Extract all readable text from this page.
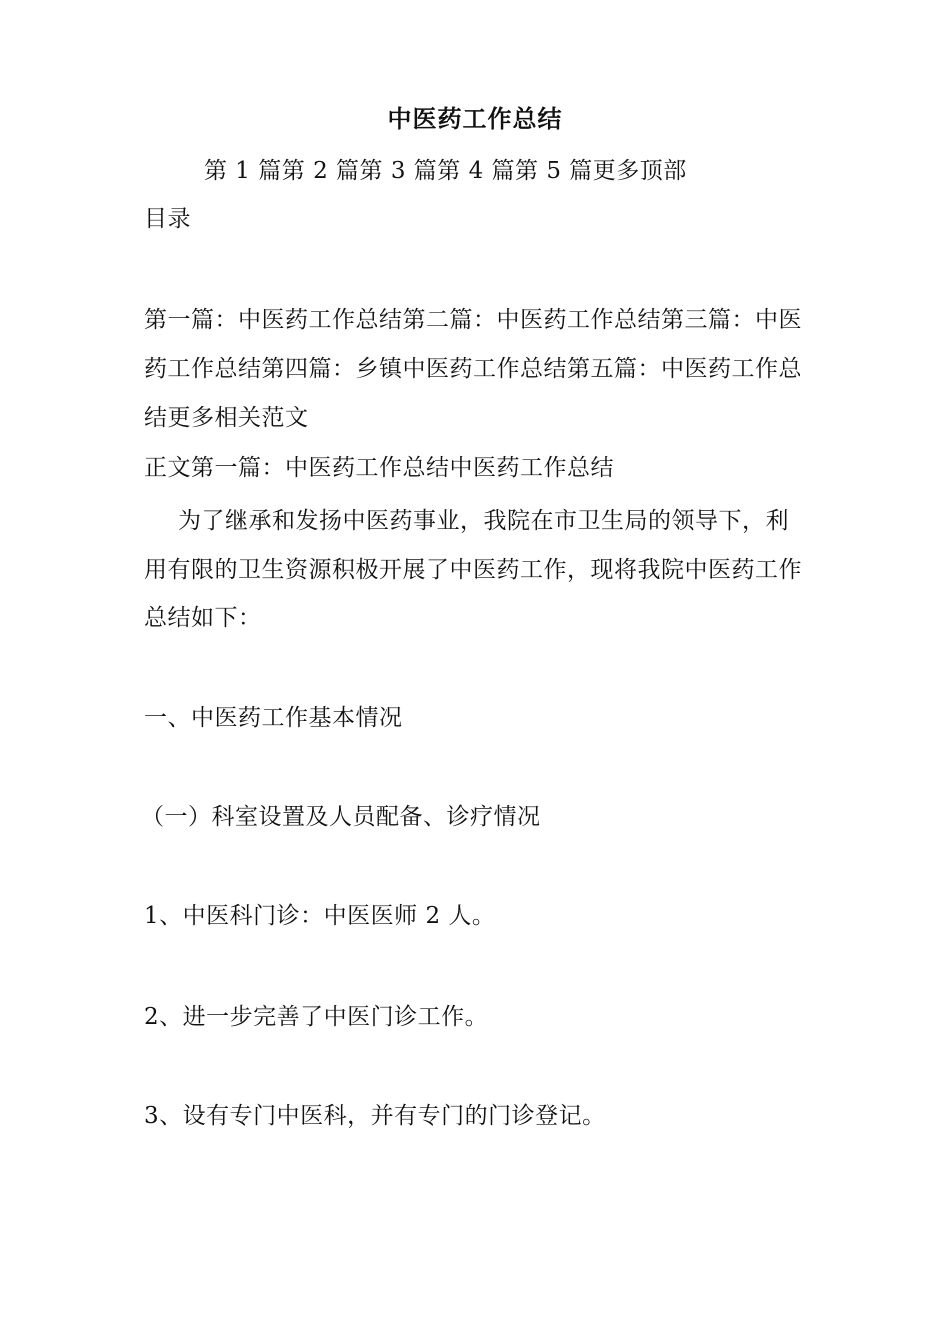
中医药工作总结
第 1 篇第 2 篇第 3 篇第 4 篇第 5 篇更多顶部
目录
第一篇：中医药工作总结第二篇：中医药工作总结第三篇：中医
药工作总结第四篇：乡镇中医药工作总结第五篇：中医药工作总
结更多相关范文
正文第一篇：中医药工作总结中医药工作总结
为了继承和发扬中医药事业，我院在市卫生局的领导下，利
用有限的卫生资源积极开展了中医药工作，现将我院中医药工作
总结如下：
一、中医药工作基本情况
（一）科室设置及人员配备、诊疗情况
1、中医科门诊：中医医师 2 人。
2、进一步完善了中医门诊工作。
3、设有专门中医科，并有专门的门诊登记。
